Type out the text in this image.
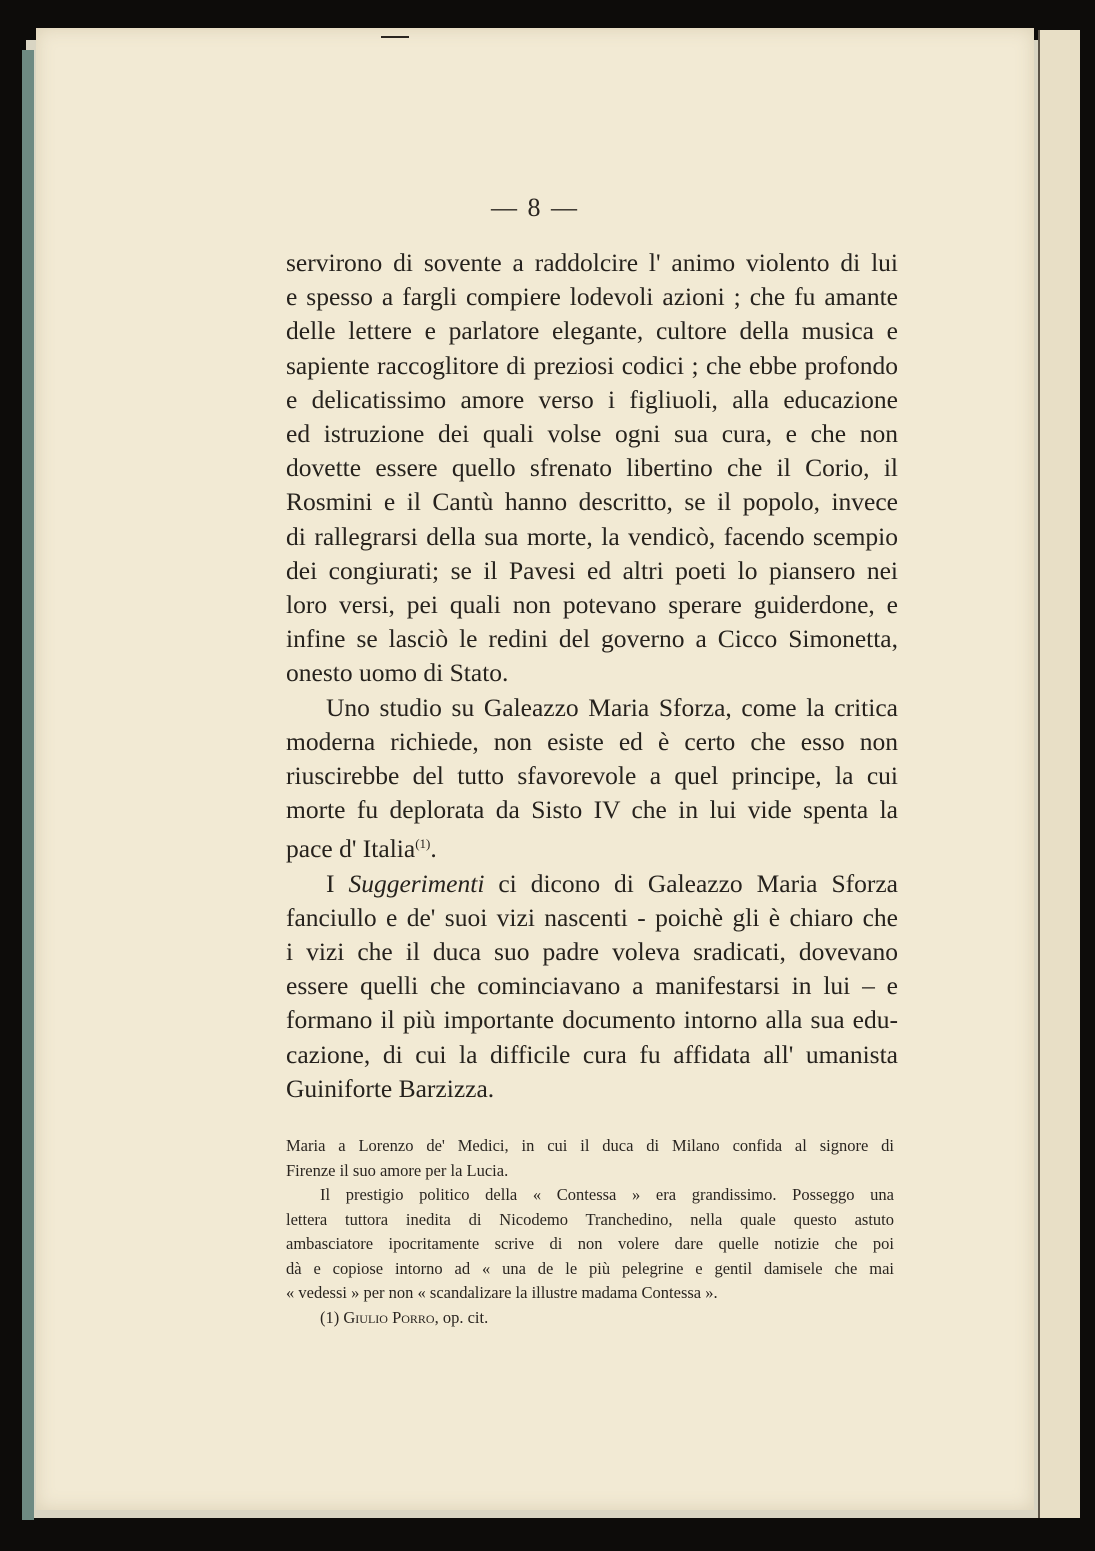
— 8 —
servirono di sovente a raddolcire l' animo violento di lui
e spesso a fargli compiere lodevoli azioni ; che fu amante
delle lettere e parlatore elegante, cultore della musica e
sapiente raccoglitore di preziosi codici ; che ebbe profondo
e delicatissimo amore verso i figliuoli, alla educazione
ed istruzione dei quali volse ogni sua cura, e che non
dovette essere quello sfrenato libertino che il Corio, il
Rosmini e il Cantù hanno descritto, se il popolo, invece
di rallegrarsi della sua morte, la vendicò, facendo scempio
dei congiurati; se il Pavesi ed altri poeti lo piansero nei
loro versi, pei quali non potevano sperare guiderdone, e
infine se lasciò le redini del governo a Cicco Simonetta,
onesto uomo di Stato.
Uno studio su Galeazzo Maria Sforza, come la critica
moderna richiede, non esiste ed è certo che esso non
riuscirebbe del tutto sfavorevole a quel principe, la cui
morte fu deplorata da Sisto IV che in lui vide spenta la
pace d' Italia$^{(1)}$.
I Suggerimenti ci dicono di Galeazzo Maria Sforza
fanciullo e de' suoi vizi nascenti - poichè gli è chiaro che
i vizi che il duca suo padre voleva sradicati, dovevano
essere quelli che cominciavano a manifestarsi in lui – e
formano il più importante documento intorno alla sua edu-
cazione, di cui la difficile cura fu affidata all' umanista
Guiniforte Barzizza.
Maria a Lorenzo de' Medici, in cui il duca di Milano confida al signore di
Firenze il suo amore per la Lucia.
Il prestigio politico della « Contessa » era grandissimo. Posseggo una
lettera tuttora inedita di Nicodemo Tranchedino, nella quale questo astuto
ambasciatore ipocritamente scrive di non volere dare quelle notizie che poi
dà e copiose intorno ad « una de le più pelegrine e gentil damisele che mai
« vedessi » per non « scandalizare la illustre madama Contessa ».
(1) Giulio Porro, op. cit.
